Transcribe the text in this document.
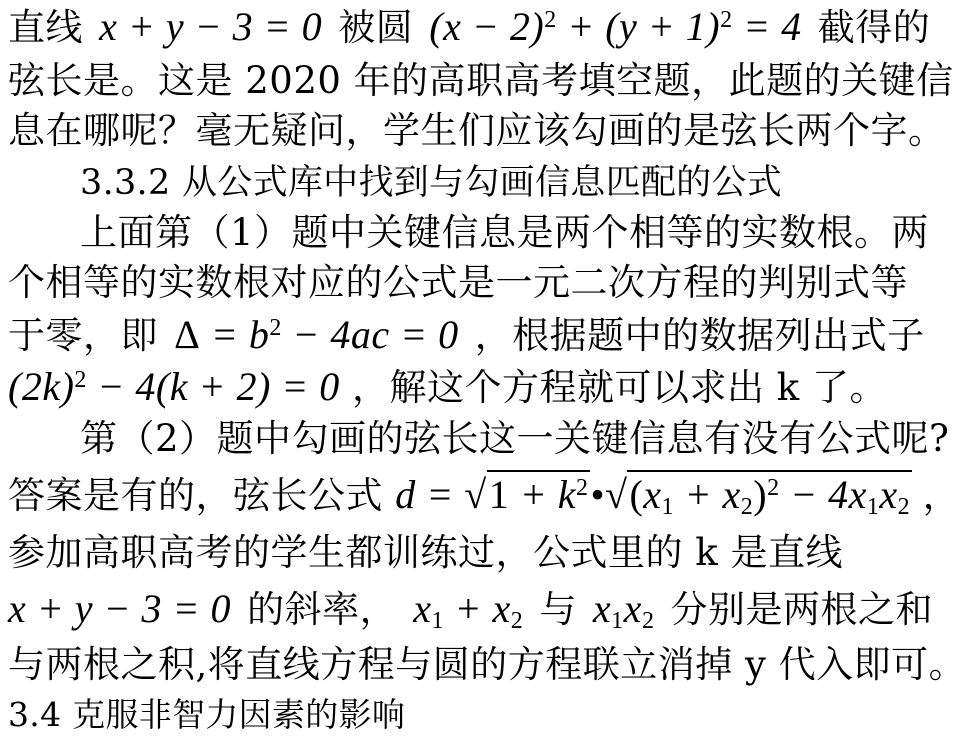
直线  x + y − 3 = 0  被圆  $(x - 2)^2 + (y + 1)^2 = 4$  截得的
弦长是。这是 2020 年的高职高考填空题，此题的关键信
息在哪呢？毫无疑问，学生们应该勾画的是弦长两个字。
3.3.2 从公式库中找到与勾画信息匹配的公式
上面第（1）题中关键信息是两个相等的实数根。两
个相等的实数根对应的公式是一元二次方程的判别式等
于零，即   $\Delta = b^2 - 4ac = 0$  ，根据题中的数据列出式子
$(2k)^2 - 4(k + 2) = 0$ ，解这个方程就可以求出 k 了。
第（2）题中勾画的弦长这一关键信息有没有公式呢?
答案是有的，弦长公式 $d = √1 + k^2•√(x_1 + x_2)^2 - 4x_1x_2$ ，
参加高职高考的学生都训练过，公式里的 k 是直线
x + y − 3 = 0  的斜率，  $x_1 + x_2$  与  $x_1x_2$  分别是两根之和
与两根之积,将直线方程与圆的方程联立消掉 y 代入即可。
3.4 克服非智力因素的影响
